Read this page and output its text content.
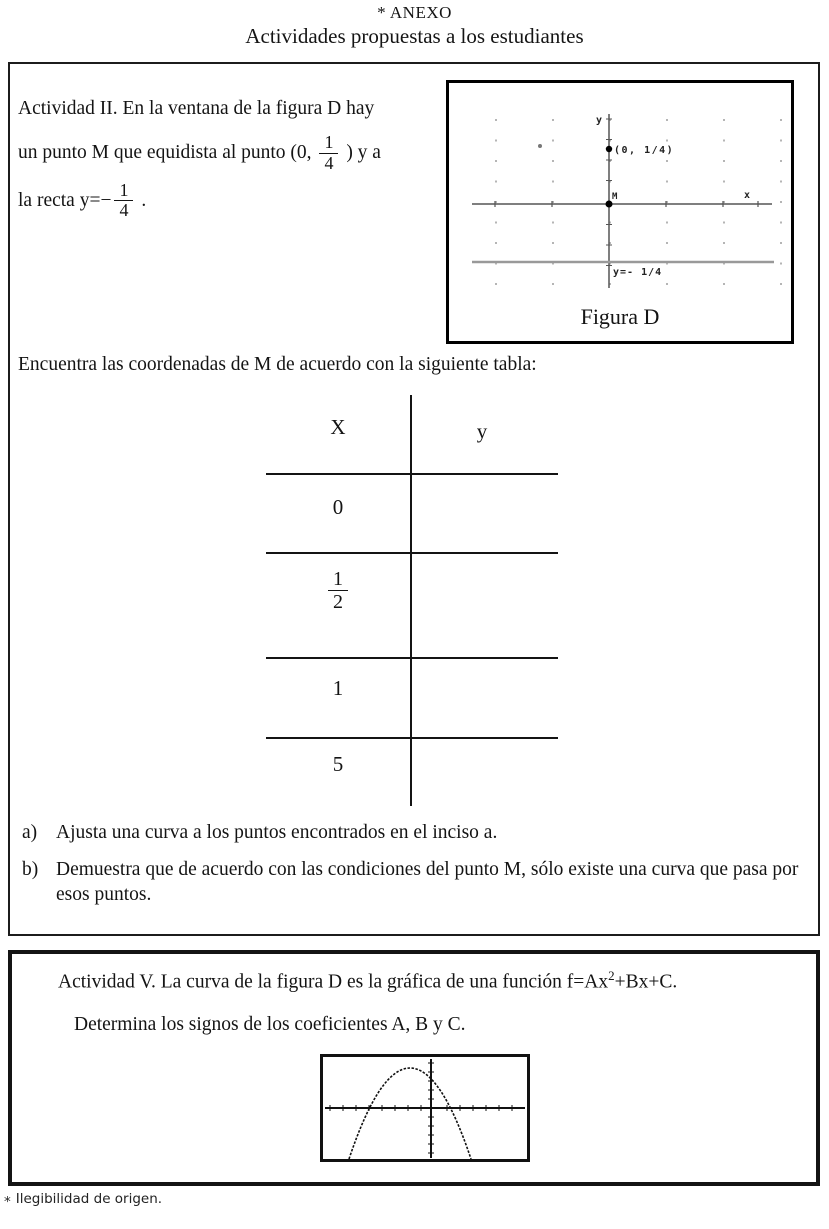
* ANEXO
Actividades propuestas a los estudiantes
Actividad II. En la ventana de la figura D hay
un punto M que equidista al punto (0, $\frac{1}{4}$ ) y a
la recta $y= - \frac{1}{4}$ .
y
x
(0, 1/4)
M
y=- 1/4
Figura D
Encuentra las coordenadas de M de acuerdo con la siguiente tabla:
X	y
0
$\frac{1}{2}$
1
5
a) Ajusta una curva a los puntos encontrados en el inciso a.
b) Demuestra que de acuerdo con las condiciones del punto M, sólo existe una curva que pasa por esos puntos.
Actividad V. La curva de la figura D es la gráfica de una función $f=Ax^2+Bx+C$.
Determina los signos de los coeficientes A, B y C.
* Ilegibilidad de origen.
